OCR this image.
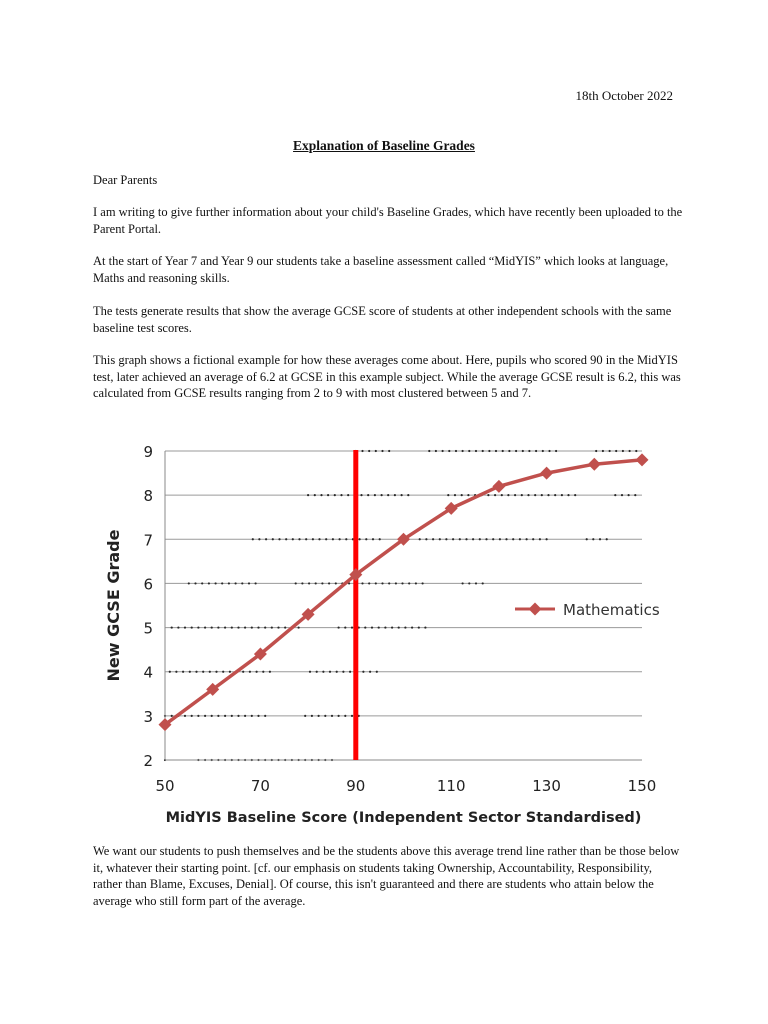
18th October 2022

Explanation of Baseline Grades

Dear Parents

I am writing to give further information about your child's Baseline Grades, which have recently been uploaded to the Parent Portal.

At the start of Year 7 and Year 9 our students take a baseline assessment called “MidYIS” which looks at language, Maths and reasoning skills.

The tests generate results that show the average GCSE score of students at other independent schools with the same baseline test scores.

This graph shows a fictional example for how these averages come about. Here, pupils who scored 90 in the MidYIS test, later achieved an average of 6.2 at GCSE in this example subject. While the average GCSE result is 6.2, this was calculated from GCSE results ranging from 2 to 9 with most clustered between 5 and 7.

2
3
4
5
6
7
8
9
50	70	90	110	130	150
New GCSE Grade
MidYIS Baseline Score (Independent Sector Standardised)
Mathematics

We want our students to push themselves and be the students above this average trend line rather than be those below it, whatever their starting point. [cf. our emphasis on students taking Ownership, Accountability, Responsibility, rather than Blame, Excuses, Denial]. Of course, this isn't guaranteed and there are students who attain below the average who still form part of the average.
